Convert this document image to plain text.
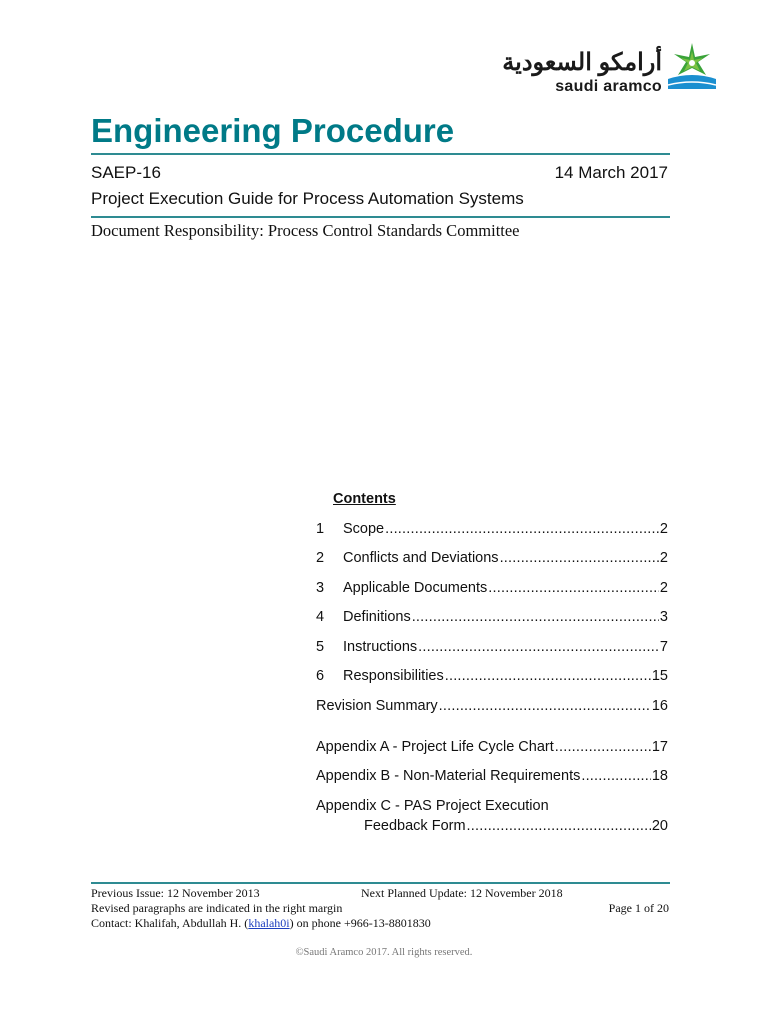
أرامكو السعودية
saudi aramco
Engineering Procedure
SAEP-16	14 March 2017
Project Execution Guide for Process Automation Systems
Document Responsibility: Process Control Standards Committee
Contents
1	Scope .....	2
2	Conflicts and Deviations .....	2
3	Applicable Documents .....	2
4	Definitions .....	3
5	Instructions .....	7
6	Responsibilities .....	15
Revision Summary .....	16
Appendix A - Project Life Cycle Chart .....	17
Appendix B - Non-Material Requirements .....	18
Appendix C - PAS Project Execution
Feedback Form .....	20
Previous Issue: 12 November 2013	Next Planned Update: 12 November 2018
Revised paragraphs are indicated in the right margin	Page 1 of 20
Contact: Khalifah, Abdullah H. (khalah0i) on phone +966-13-8801830
©Saudi Aramco 2017. All rights reserved.
